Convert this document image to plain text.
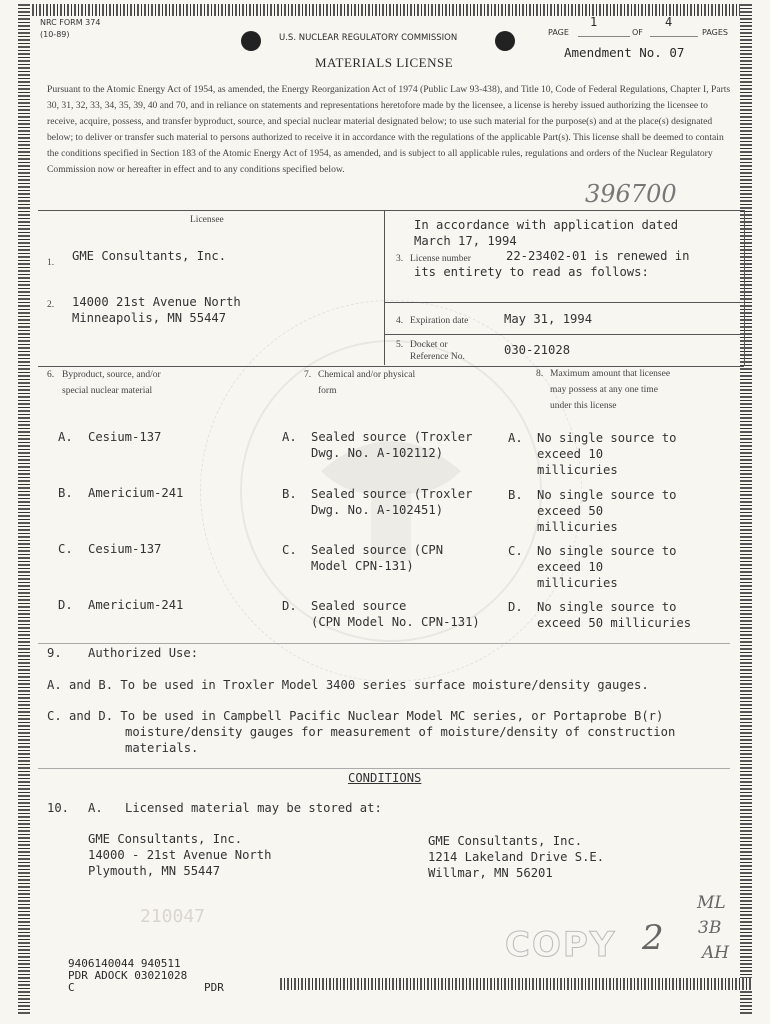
NRC FORM 374
(10-89)	U.S. NUCLEAR REGULATORY COMMISSION
PAGE
1
OF
4
PAGES
Amendment No. 07
MATERIALS LICENSE
Pursuant to the Atomic Energy Act of 1954, as amended, the Energy Reorganization Act of 1974 (Public Law 93-438), and Title 10, Code of Federal Regulations, Chapter I, Parts 30, 31, 32, 33, 34, 35, 39, 40 and 70, and in reliance on statements and representations heretofore made by the licensee, a license is hereby issued authorizing the licensee to receive, acquire, possess, and transfer byproduct, source, and special nuclear material designated below; to use such material for the purpose(s) and at the place(s) designated below; to deliver or transfer such material to persons authorized to receive it in accordance with the regulations of the applicable Part(s). This license shall be deemed to contain the conditions specified in Section 183 of the Atomic Energy Act of 1954, as amended, and is subject to all applicable rules, regulations and orders of the Nuclear Regulatory Commission now or hereafter in effect and to any conditions specified below.
396700
Licensee
1. GME Consultants, Inc.
2. 14000 21st Avenue North
Minneapolis, MN 55447
In accordance with application dated
March 17, 1994
3. License number	22-23402-01 is renewed in
its entirety to read as follows:
4. Expiration date	May 31, 1994
5. Docket or
Reference No.	030-21028
6. Byproduct, source, and/or
special nuclear material
7. Chemical and/or physical
form
8. Maximum amount that licensee
may possess at any one time
under this license
A. Cesium-137	A. Sealed source (Troxler
Dwg. No. A-102112)
A. No single source to
exceed 10
millicuries
B. Americium-241	B. Sealed source (Troxler
Dwg. No. A-102451)
B. No single source to
exceed 50
millicuries
C. Cesium-137	C. Sealed source (CPN
Model CPN-131)
C. No single source to
exceed 10
millicuries
D. Americium-241	D. Sealed source
(CPN Model No. CPN-131)
D. No single source to
exceed 50 millicuries
9. Authorized Use:
A. and B. To be used in Troxler Model 3400 series surface moisture/density gauges.
C. and D. To be used in Campbell Pacific Nuclear Model MC series, or Portaprobe B(r)
moisture/density gauges for measurement of moisture/density of construction
materials.
CONDITIONS
10. A. Licensed material may be stored at:
GME Consultants, Inc.
14000 - 21st Avenue North
Plymouth, MN 55447
GME Consultants, Inc.
1214 Lakeland Drive S.E.
Willmar, MN 56201
210047
9406140044 940511
PDR ADOCK 03021028
C	PDR
COPY 2
ML
3B
AH
